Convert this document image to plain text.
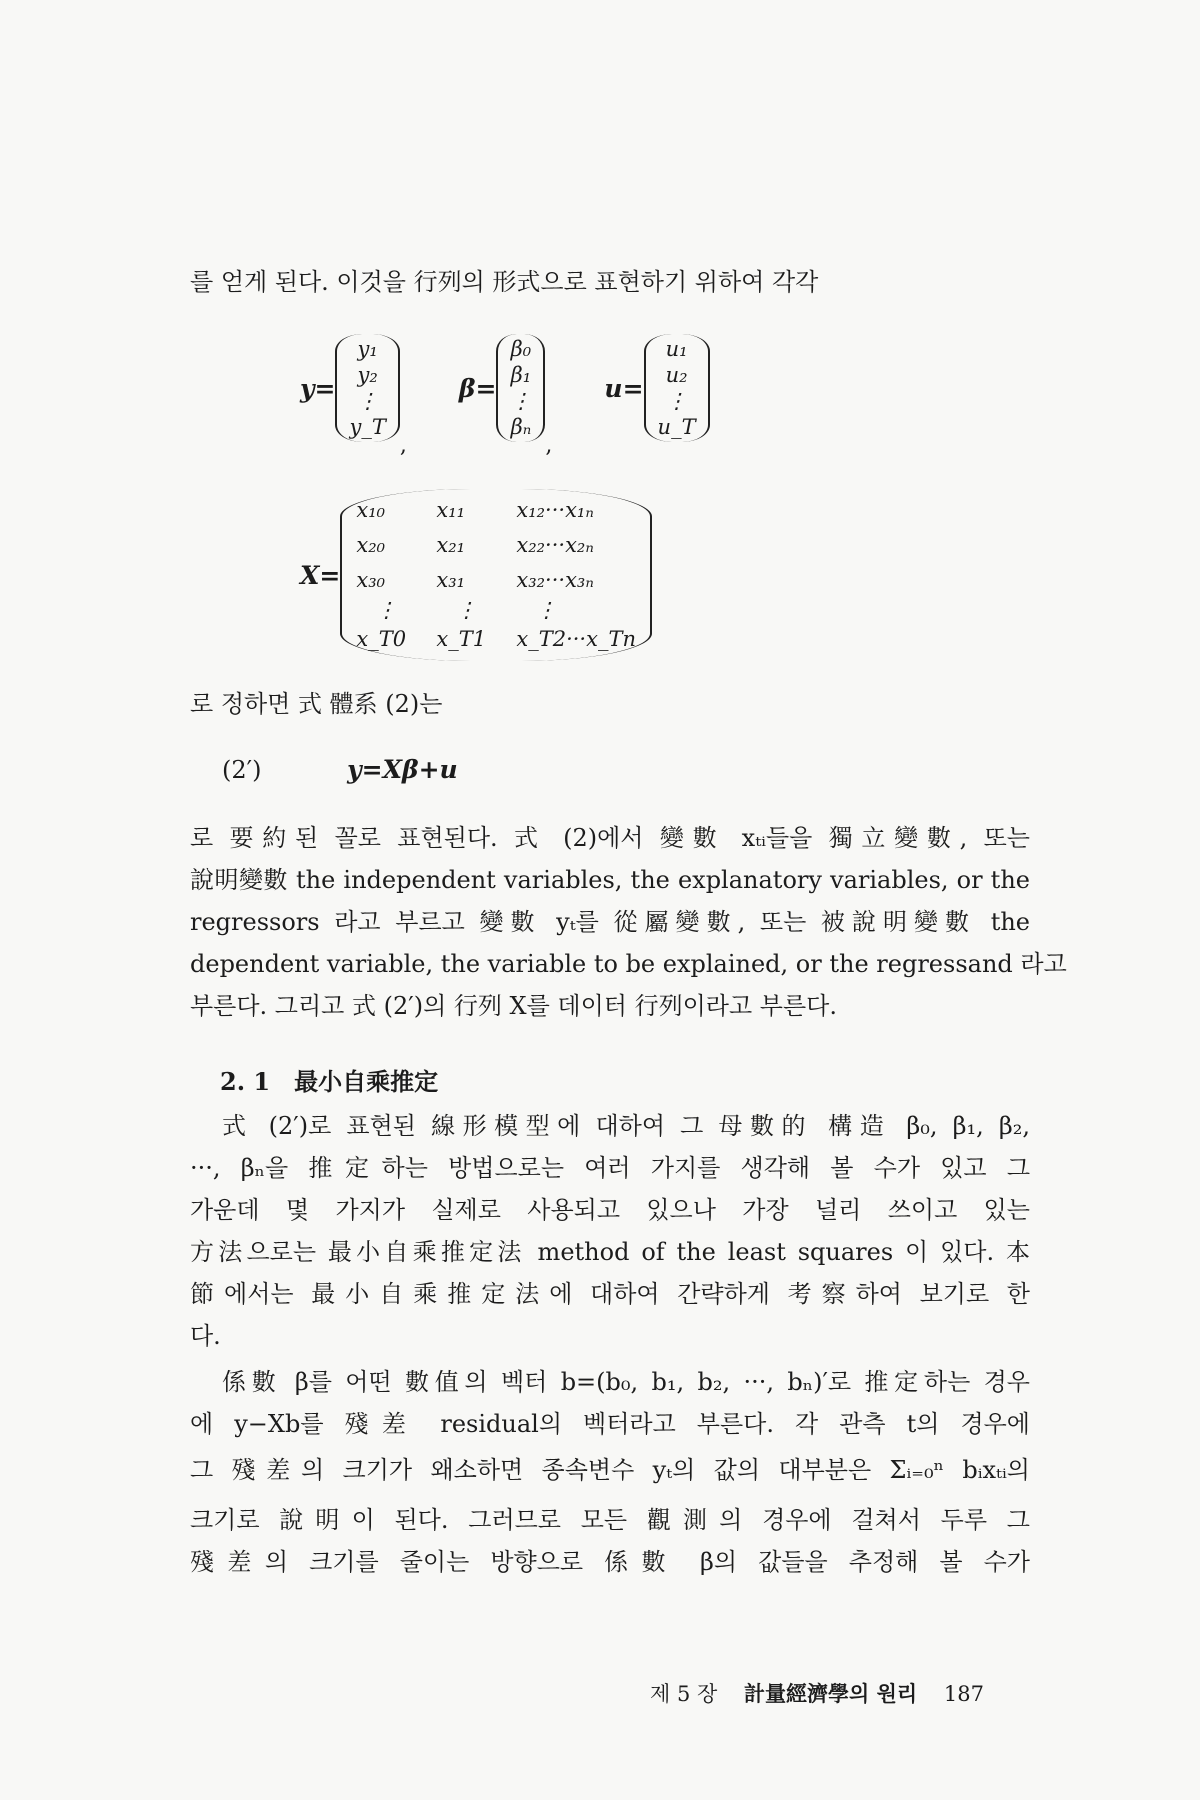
를 얻게 된다. 이것을 行列의 形式으로 표현하기 위하여 각각
y=
y₁
y₂
⋮
y_T
,
β=
β₀
β₁
⋮
βₙ
,
u=
u₁
u₂
⋮
u_T
X=
x₁₀	x₁₁	x₁₂···x₁ₙ
x₂₀	x₂₁	x₂₂···x₂ₙ
x₃₀	x₃₁	x₃₂···x₃ₙ
⋮	⋮	⋮
x_T0	x_T1	x_T2···x_Tn
로 정하면 式 體系 (2)는
(2′)	y=Xβ+u
로 要約된 꼴로 표현된다. 式 (2)에서 變數 xₜᵢ들을 獨立變數, 또는
說明變數 the independent variables, the explanatory variables, or the
regressors 라고 부르고 變數 yₜ를 從屬變數, 또는 被說明變數 the
dependent variable, the variable to be explained, or the regressand 라고
부른다. 그리고 式 (2′)의 行列 X를 데이터 行列이라고 부른다.
2. 1　最小自乘推定
式 (2′)로 표현된 線形模型에 대하여 그 母數的 構造 β₀, β₁, β₂,
···, βₙ을 推定하는 방법으로는 여러 가지를 생각해 볼 수가 있고 그
가운데 몇 가지가 실제로 사용되고 있으나 가장 널리 쓰이고 있는
方法으로는 最小自乘推定法 method of the least squares 이 있다. 本
節에서는 最小自乘推定法에 대하여 간략하게 考察하여 보기로 한
다.
係數 β를 어떤 數值의 벡터 b=(b₀, b₁, b₂, ···, bₙ)′로 推定하는 경우
에 y−Xb를 殘差 residual의 벡터라고 부른다. 각 관측 t의 경우에
그 殘差의 크기가 왜소하면 종속변수 yₜ의 값의 대부분은 Σᵢ₌₀ⁿ bᵢxₜᵢ의
크기로 說明이 된다. 그러므로 모든 觀測의 경우에 걸쳐서 두루 그
殘差의 크기를 줄이는 방향으로 係數 β의 값들을 추정해 볼 수가
제 5 장 計量經濟學의 원리 187
